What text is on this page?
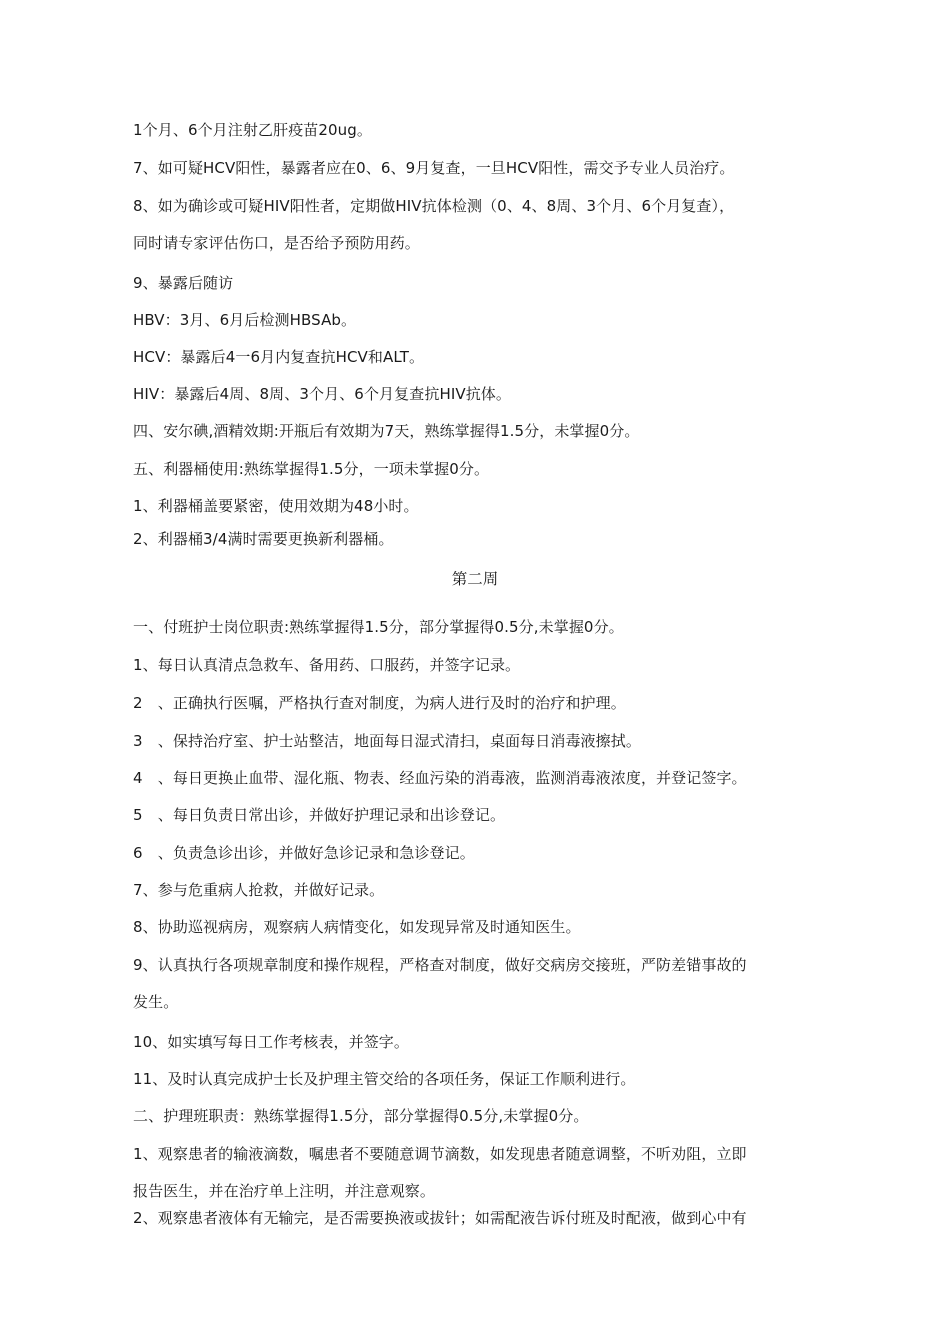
1个月、6个月注射乙肝疫苗20ug。
7、如可疑HCV阳性，暴露者应在0、6、9月复查，一旦HCV阳性，需交予专业人员治疗。
8、如为确诊或可疑HIV阳性者，定期做HIV抗体检测（0、4、8周、3个月、6个月复查），
同时请专家评估伤口，是否给予预防用药。
9、暴露后随访
HBV：3月、6月后检测HBSAb。
HCV：暴露后4一6月内复查抗HCV和ALT。
HIV：暴露后4周、8周、3个月、6个月复查抗HIV抗体。
四、安尔碘,酒精效期:开瓶后有效期为7天，熟练掌握得1.5分，未掌握0分。
五、利器桶使用:熟练掌握得1.5分，一项未掌握0分。
1、利器桶盖要紧密，使用效期为48小时。
2、利器桶3/4满时需要更换新利器桶。
第二周
一、付班护士岗位职责:熟练掌握得1.5分，部分掌握得0.5分,未掌握0分。
1、每日认真清点急救车、备用药、口服药，并签字记录。
2　、正确执行医嘱，严格执行查对制度，为病人进行及时的治疗和护理。
3　、保持治疗室、护士站整洁，地面每日湿式清扫，桌面每日消毒液擦拭。
4　、每日更换止血带、湿化瓶、物表、经血污染的消毒液，监测消毒液浓度，并登记签字。
5　、每日负责日常出诊，并做好护理记录和出诊登记。
6　、负责急诊出诊，并做好急诊记录和急诊登记。
7、参与危重病人抢救，并做好记录。
8、协助巡视病房，观察病人病情变化，如发现异常及时通知医生。
9、认真执行各项规章制度和操作规程，严格查对制度，做好交病房交接班，严防差错事故的
发生。
10、如实填写每日工作考核表，并签字。
11、及时认真完成护士长及护理主管交给的各项任务，保证工作顺利进行。
二、护理班职责：熟练掌握得1.5分，部分掌握得0.5分,未掌握0分。
1、观察患者的输液滴数，嘱患者不要随意调节滴数，如发现患者随意调整，不听劝阻，立即
报告医生，并在治疗单上注明，并注意观察。
2、观察患者液体有无输完，是否需要换液或拔针；如需配液告诉付班及时配液，做到心中有
